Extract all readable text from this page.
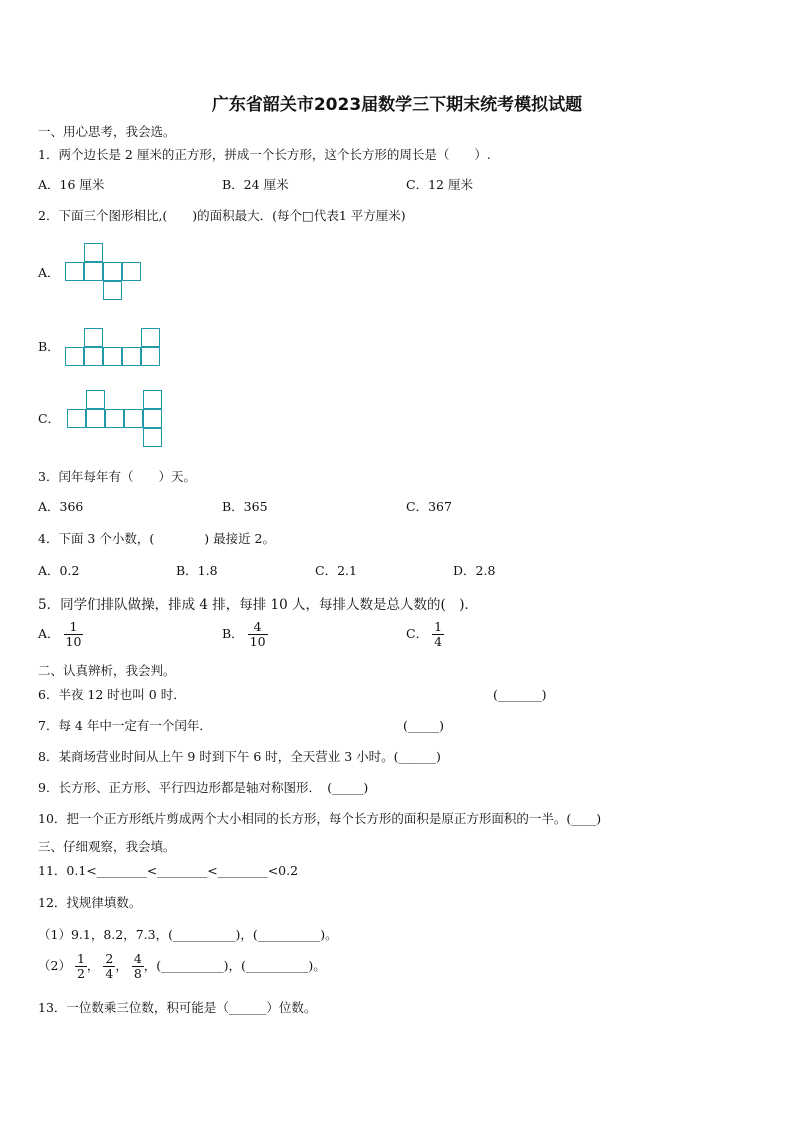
广东省韶关市2023届数学三下期末统考模拟试题
一、用心思考，我会选。
1．两个边长是 2 厘米的正方形，拼成一个长方形，这个长方形的周长是（　　）.
A．16 厘米	B．24 厘米	C．12 厘米
2．下面三个图形相比,(　　)的面积最大．(每个□代表1 平方厘米)
A．
B．
C．
3．闰年每年有（　　）天。
A．366	B．365	C．367
4．下面 3 个小数，(　　　　) 最接近 2。
A．0.2	B．1.8	C．2.1	D．2.8
5．同学们排队做操，排成 4 排，每排 10 人，每排人数是总人数的(　)．
A． $\frac{1}{10}$	B． $\frac{4}{10}$	C． $\frac{1}{4}$
二、认真辨析，我会判。
6．半夜 12 时也叫 0 时．	(_______)
7．每 4 年中一定有一个闰年．	(_____)
8．某商场营业时间从上午 9 时到下午 6 时，全天营业 3 小时。(______)
9．长方形、正方形、平行四边形都是轴对称图形．　(_____)
10．把一个正方形纸片剪成两个大小相同的长方形，每个长方形的面积是原正方形面积的一半。(____)
三、仔细观察，我会填。
11．0.1<________<________<________<0.2
12．找规律填数。
（1）9.1，8.2，7.3，(__________)，(__________)。
$(2) \frac{1}{2}$ ， $\frac{2}{4}$ ， $\frac{4}{8}$ ，(__________)，(__________)。
13．一位数乘三位数，积可能是（______）位数。
